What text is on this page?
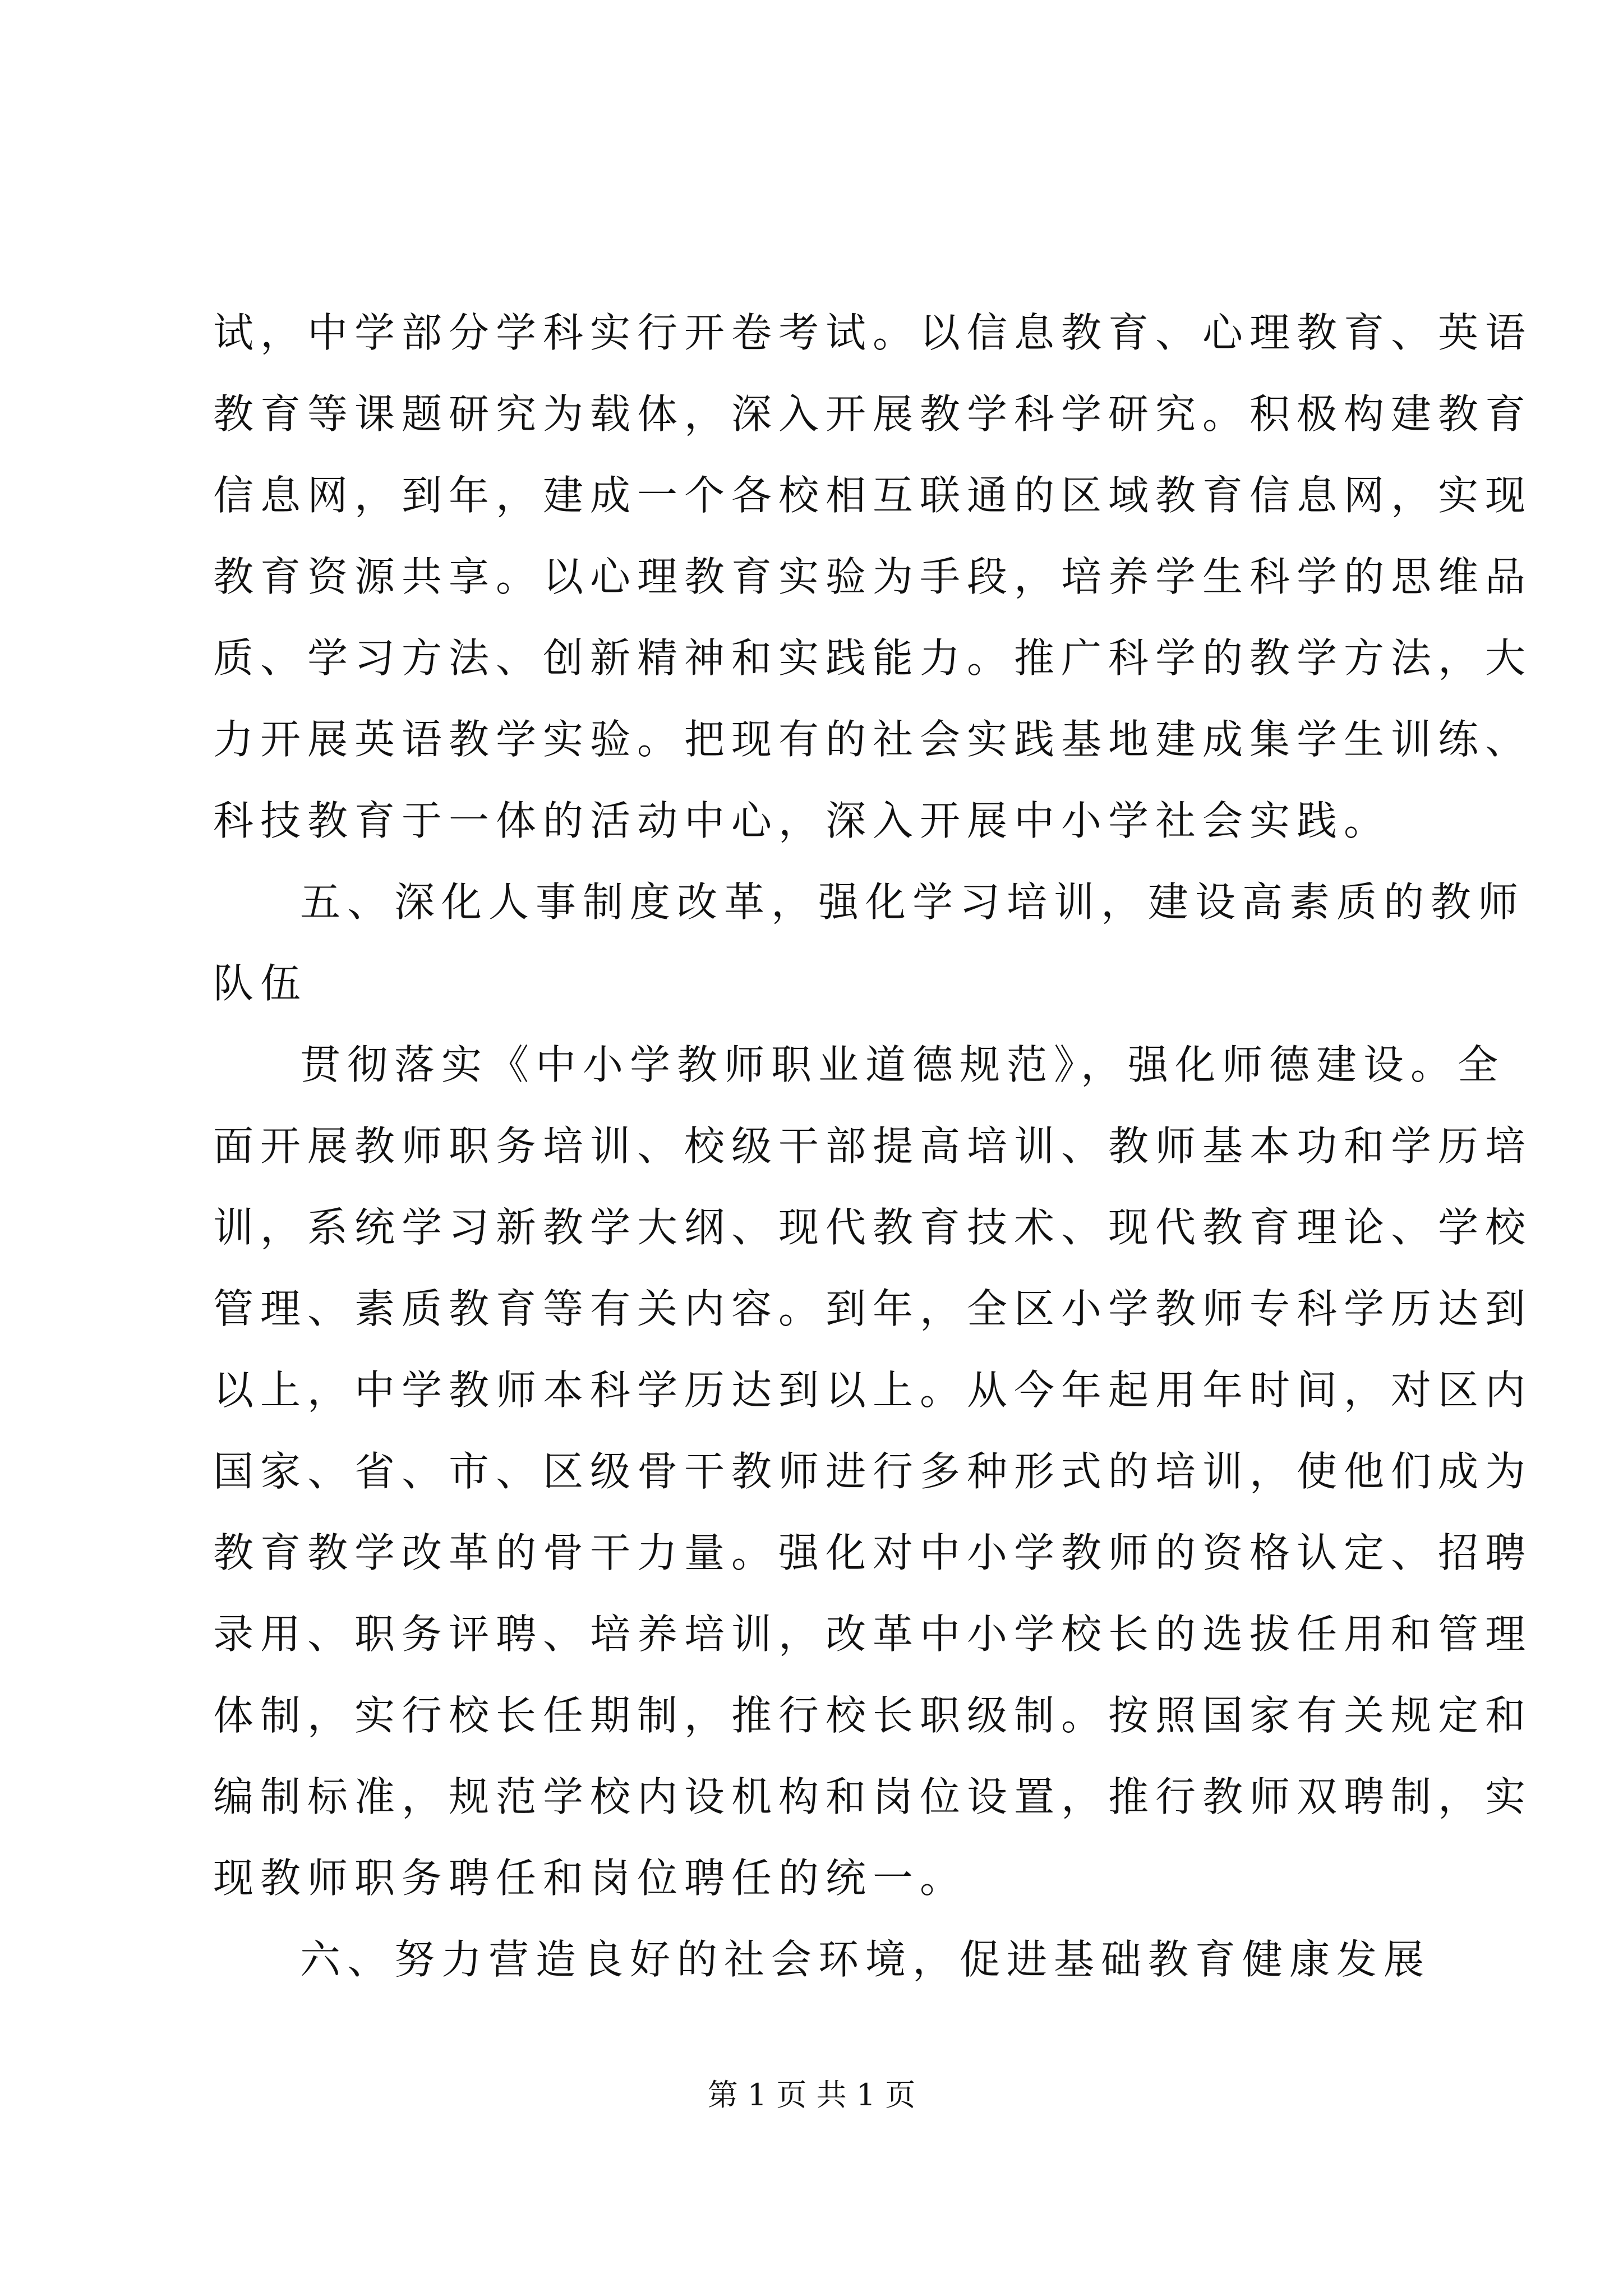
试，中学部分学科实行开卷考试。以信息教育、心理教育、英语
教育等课题研究为载体，深入开展教学科学研究。积极构建教育
信息网，到年，建成一个各校相互联通的区域教育信息网，实现
教育资源共享。以心理教育实验为手段，培养学生科学的思维品
质、学习方法、创新精神和实践能力。推广科学的教学方法，大
力开展英语教学实验。把现有的社会实践基地建成集学生训练、
科技教育于一体的活动中心，深入开展中小学社会实践。
五、深化人事制度改革，强化学习培训，建设高素质的教师
队伍
贯彻落实《中小学教师职业道德规范》，强化师德建设。全
面开展教师职务培训、校级干部提高培训、教师基本功和学历培
训，系统学习新教学大纲、现代教育技术、现代教育理论、学校
管理、素质教育等有关内容。到年，全区小学教师专科学历达到
以上，中学教师本科学历达到以上。从今年起用年时间，对区内
国家、省、市、区级骨干教师进行多种形式的培训，使他们成为
教育教学改革的骨干力量。强化对中小学教师的资格认定、招聘
录用、职务评聘、培养培训，改革中小学校长的选拔任用和管理
体制，实行校长任期制，推行校长职级制。按照国家有关规定和
编制标准，规范学校内设机构和岗位设置，推行教师双聘制，实
现教师职务聘任和岗位聘任的统一。
六、努力营造良好的社会环境，促进基础教育健康发展
第 1 页 共 1 页
